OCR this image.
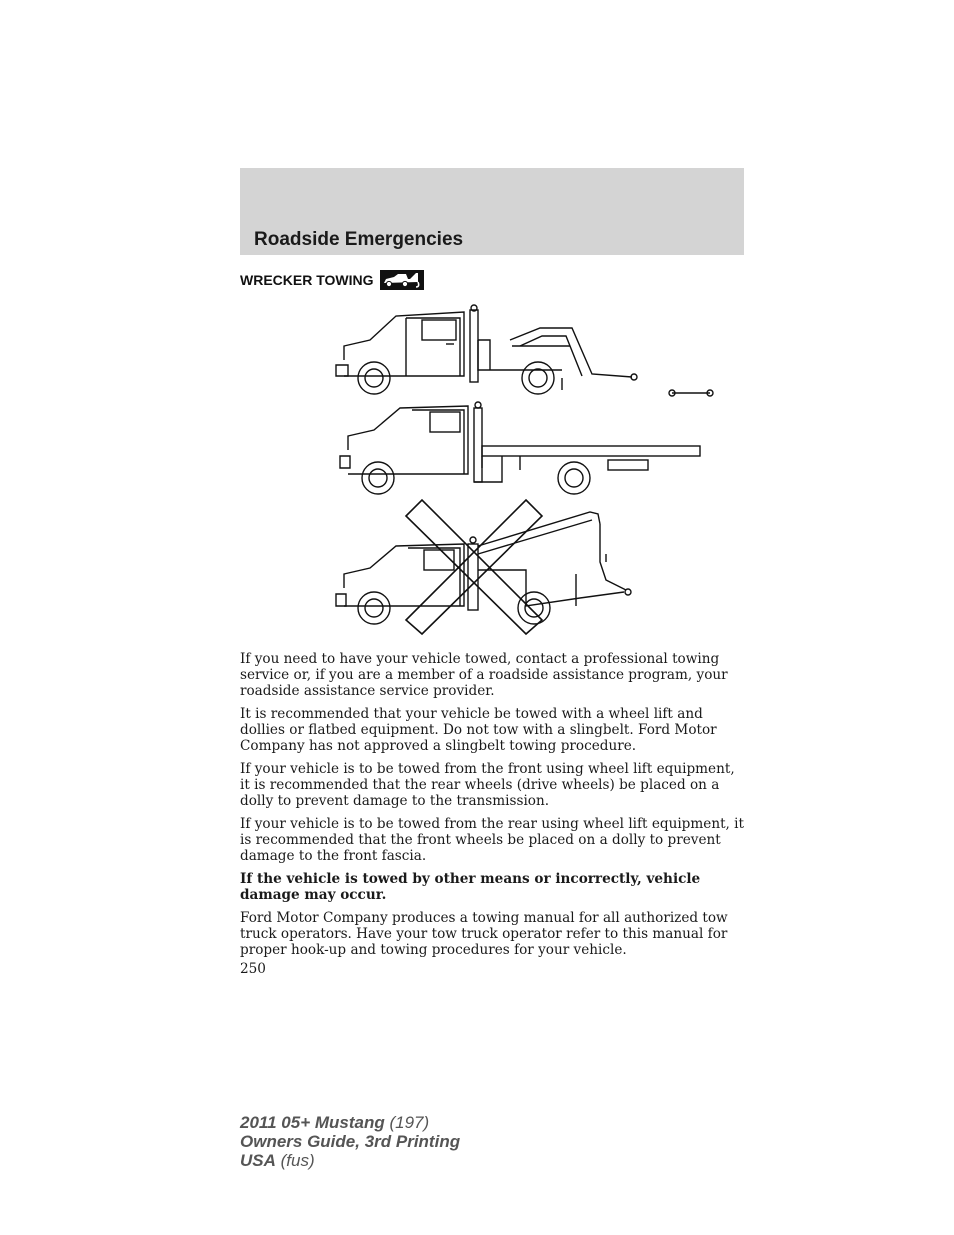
Roadside Emergencies
WRECKER TOWING

If you need to have your vehicle towed, contact a professional towing service or, if you are a member of a roadside assistance program, your roadside assistance service provider.

It is recommended that your vehicle be towed with a wheel lift and dollies or flatbed equipment. Do not tow with a slingbelt. Ford Motor Company has not approved a slingbelt towing procedure.

If your vehicle is to be towed from the front using wheel lift equipment, it is recommended that the rear wheels (drive wheels) be placed on a dolly to prevent damage to the transmission.

If your vehicle is to be towed from the rear using wheel lift equipment, it is recommended that the front wheels be placed on a dolly to prevent damage to the front fascia.

If the vehicle is towed by other means or incorrectly, vehicle damage may occur.

Ford Motor Company produces a towing manual for all authorized tow truck operators. Have your tow truck operator refer to this manual for proper hook-up and towing procedures for your vehicle.

250
2011 05+ Mustang (197)
Owners Guide, 3rd Printing
USA (fus)
